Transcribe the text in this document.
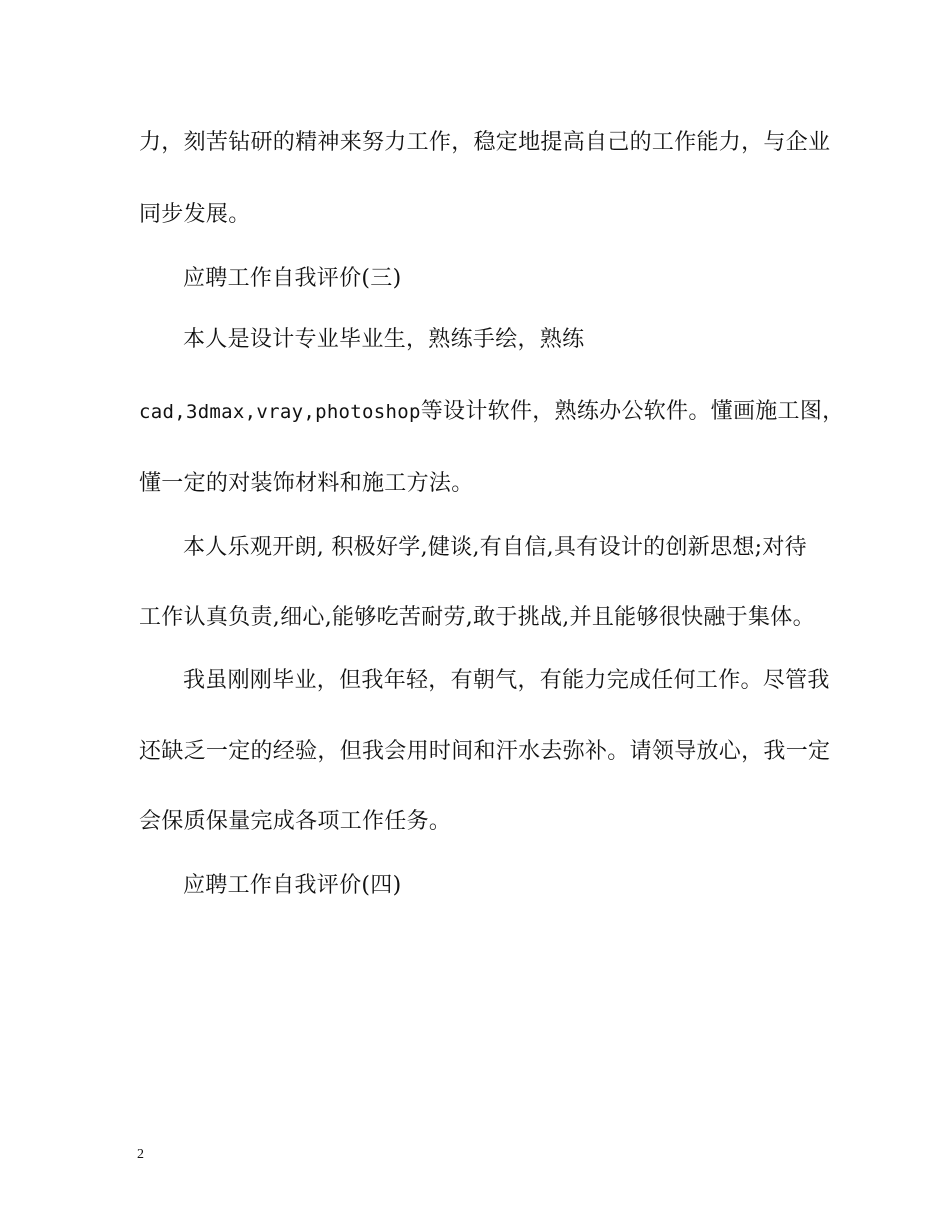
力，刻苦钻研的精神来努力工作，稳定地提高自己的工作能力，与企业
同步发展。
应聘工作自我评价(三)
本人是设计专业毕业生，熟练手绘，熟练
cad,3dmax,vray,photoshop等设计软件，熟练办公软件。懂画施工图，
懂一定的对装饰材料和施工方法。
本人乐观开朗, 积极好学,健谈,有自信,具有设计的创新思想;对待
工作认真负责,细心,能够吃苦耐劳,敢于挑战,并且能够很快融于集体。
我虽刚刚毕业，但我年轻，有朝气，有能力完成任何工作。尽管我
还缺乏一定的经验，但我会用时间和汗水去弥补。请领导放心，我一定
会保质保量完成各项工作任务。
应聘工作自我评价(四)
2
